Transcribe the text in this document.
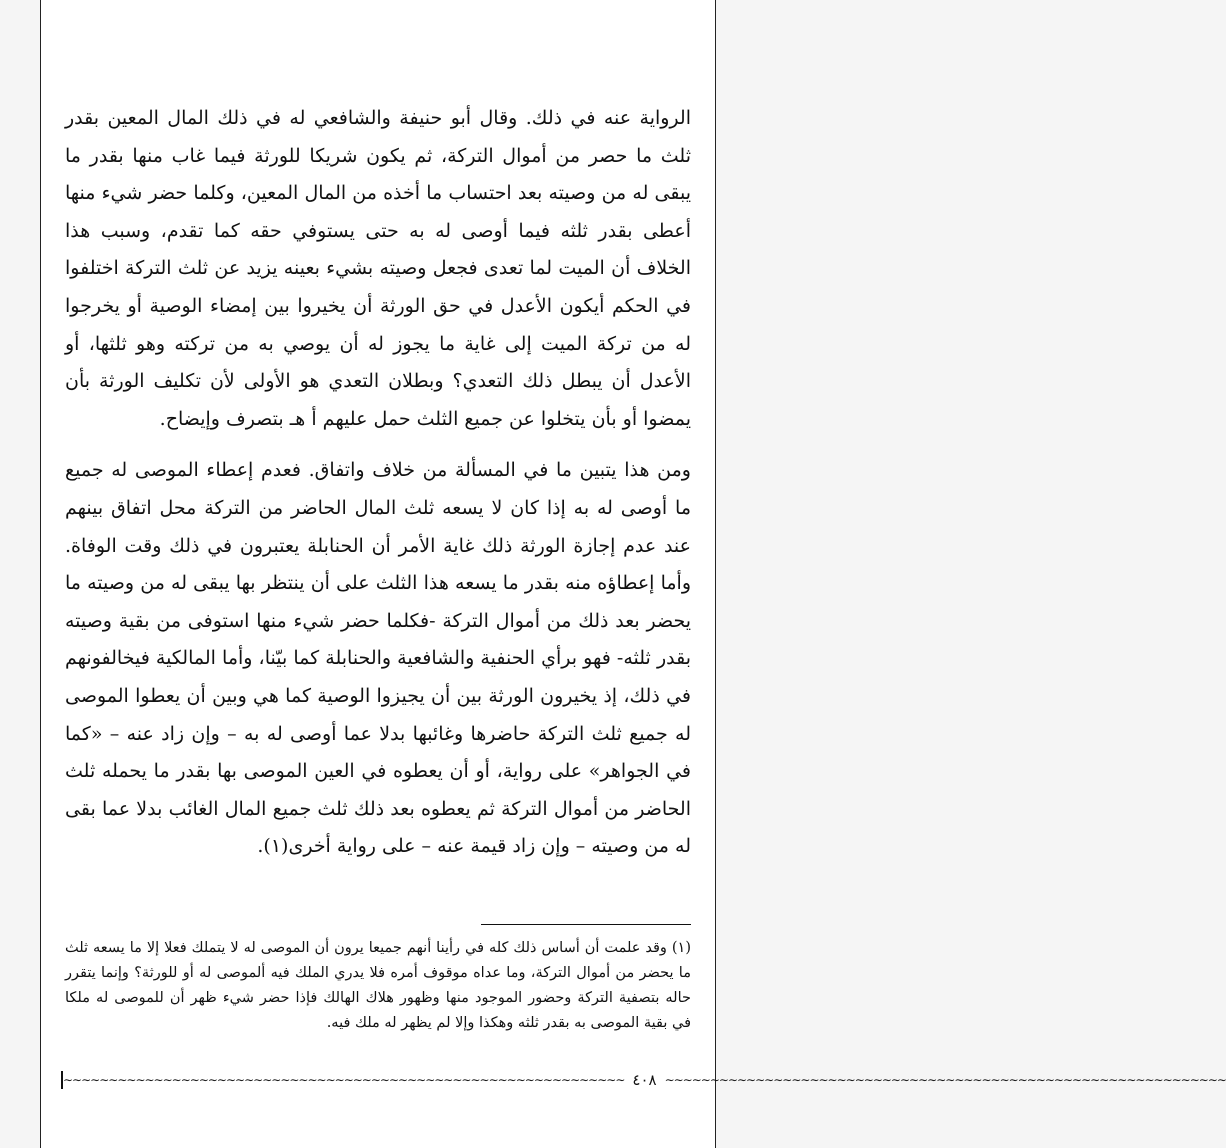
الرواية عنه في ذلك. وقال أبو حنيفة والشافعي له في ذلك المال المعين بقدر ثلث ما حصر من أموال التركة، ثم يكون شريكا للورثة فيما غاب منها بقدر ما يبقى له من وصيته بعد احتساب ما أخذه من المال المعين، وكلما حضر شيء منها أعطى بقدر ثلثه فيما أوصى له به حتى يستوفي حقه كما تقدم، وسبب هذا الخلاف أن الميت لما تعدى فجعل وصيته بشيء بعينه يزيد عن ثلث التركة اختلفوا في الحكم أيكون الأعدل في حق الورثة أن يخيروا بين إمضاء الوصية أو يخرجوا له من تركة الميت إلى غاية ما يجوز له أن يوصي به من تركته وهو ثلثها، أو الأعدل أن يبطل ذلك التعدي؟ وبطلان التعدي هو الأولى لأن تكليف الورثة بأن يمضوا أو بأن يتخلوا عن جميع الثلث حمل عليهم أ هـ بتصرف وإيضاح.

ومن هذا يتبين ما في المسألة من خلاف واتفاق. فعدم إعطاء الموصى له جميع ما أوصى له به إذا كان لا يسعه ثلث المال الحاضر من التركة محل اتفاق بينهم عند عدم إجازة الورثة ذلك غاية الأمر أن الحنابلة يعتبرون في ذلك وقت الوفاة. وأما إعطاؤه منه بقدر ما يسعه هذا الثلث على أن ينتظر بها يبقى له من وصيته ما يحضر بعد ذلك من أموال التركة -فكلما حضر شيء منها استوفى من بقية وصيته بقدر ثلثه- فهو برأي الحنفية والشافعية والحنابلة كما بيّنا، وأما المالكية فيخالفونهم في ذلك، إذ يخيرون الورثة بين أن يجيزوا الوصية كما هي وبين أن يعطوا الموصى له جميع ثلث التركة حاضرها وغائبها بدلا عما أوصى له به – وإن زاد عنه – «كما في الجواهر» على رواية، أو أن يعطوه في العين الموصى بها بقدر ما يحمله ثلث الحاضر من أموال التركة ثم يعطوه بعد ذلك ثلث جميع المال الغائب بدلا عما بقى له من وصيته – وإن زاد قيمة عنه – على رواية أخرى(١).

(١) وقد علمت أن أساس ذلك كله في رأينا أنهم جميعا يرون أن الموصى له لا يتملك فعلا إلا ما يسعه ثلث ما يحضر من أموال التركة، وما عداه موقوف أمره فلا يدري الملك فيه ألموصى له أو للورثة؟ وإنما يتقرر حاله بتصفية التركة وحضور الموجود منها وظهور هلاك الهالك فإذا حضر شيء ظهر أن للموصى له ملكا في بقية الموصى به بقدر ثلثه وهكذا وإلا لم يظهر له ملك فيه.

∼∼∼∼∼∼∼∼∼∼∼∼∼∼∼∼∼∼∼∼∼∼∼∼∼∼∼∼∼∼∼∼∼∼∼∼∼∼∼∼∼∼∼∼∼∼∼∼∼∼∼∼∼∼∼∼∼∼∼∼∼∼ ٤٠٨ ∼∼∼∼∼∼∼∼∼∼∼∼∼∼∼∼∼∼∼∼∼∼∼∼∼∼∼∼∼∼∼∼∼∼∼∼∼∼∼∼∼∼∼∼∼∼∼∼∼∼∼∼∼∼∼∼∼∼∼∼∼∼
